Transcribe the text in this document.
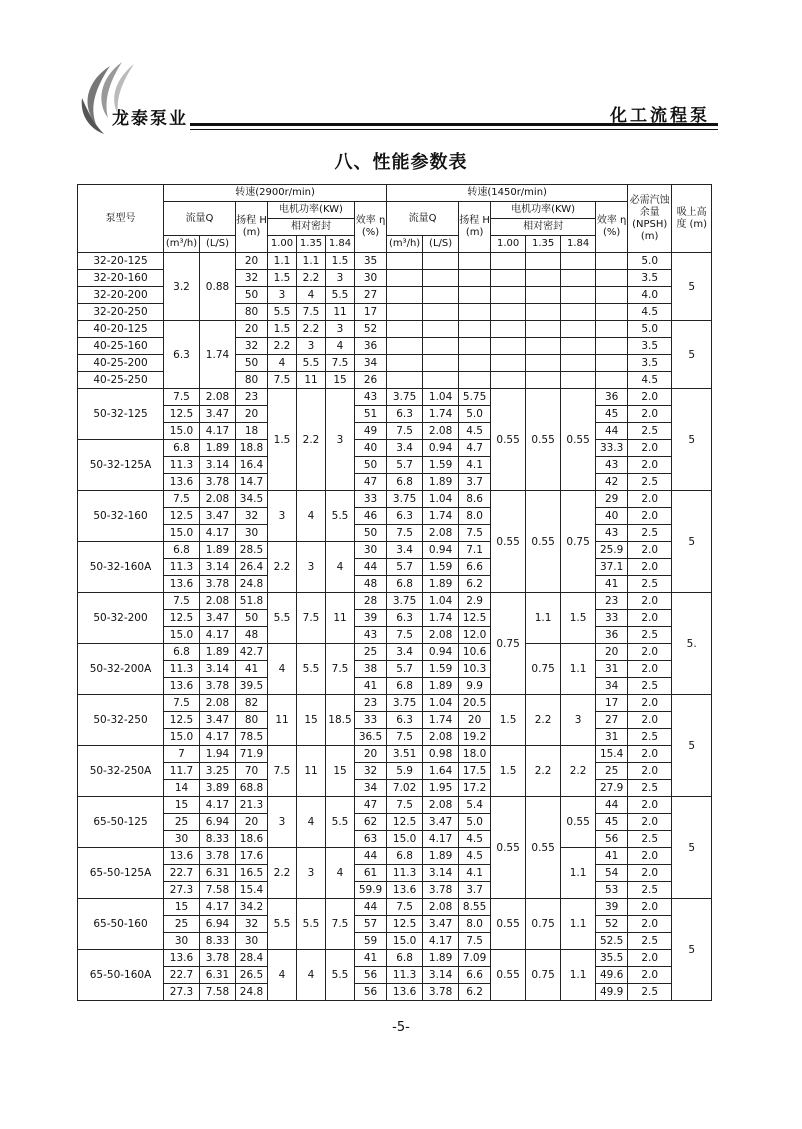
龙泰泵业	化工流程泵
八、性能参数表
泵型号	转速(2900r/min)							转速(1450r/min)							必需汽蚀余量 (NPSH) (m)	吸上高度 (m)
	流量Q		扬程 H (m)	电机功率(KW)			效率 η (%)	流量Q		扬程 H (m)	电机功率(KW)			效率 η (%)		
				相对密封							相对密封					
	(m³/h)	(L/S)		1.00	1.35	1.84		(m³/h)	(L/S)		1.00	1.35	1.84			
32-20-125	3.2	0.88	20	1.1	1.1	1.5	35								5.0	5
32-20-160			32	1.5	2.2	3	30								3.5	
32-20-200			50	3	4	5.5	27								4.0	
32-20-250			80	5.5	7.5	11	17								4.5	
40-20-125	6.3	1.74	20	1.5	2.2	3	52								5.0	5
40-25-160			32	2.2	3	4	36								3.5	
40-25-200			50	4	5.5	7.5	34								3.5	
40-25-250			80	7.5	11	15	26								4.5	
50-32-125	7.5	2.08	23	1.5	2.2	3	43	3.75	1.04	5.75	0.55	0.55	0.55	36	2.0	5
	12.5	3.47	20				51	6.3	1.74	5.0				45	2.0	
	15.0	4.17	18				49	7.5	2.08	4.5				44	2.5	
50-32-125A	6.8	1.89	18.8				40	3.4	0.94	4.7				33.3	2.0	
	11.3	3.14	16.4				50	5.7	1.59	4.1				43	2.0	
	13.6	3.78	14.7				47	6.8	1.89	3.7				42	2.5	
50-32-160	7.5	2.08	34.5	3	4	5.5	33	3.75	1.04	8.6	0.55	0.55	0.75	29	2.0	5
	12.5	3.47	32				46	6.3	1.74	8.0				40	2.0	
	15.0	4.17	30				50	7.5	2.08	7.5				43	2.5	
50-32-160A	6.8	1.89	28.5	2.2	3	4	30	3.4	0.94	7.1				25.9	2.0	
	11.3	3.14	26.4				44	5.7	1.59	6.6				37.1	2.0	
	13.6	3.78	24.8				48	6.8	1.89	6.2				41	2.5	
50-32-200	7.5	2.08	51.8	5.5	7.5	11	28	3.75	1.04	2.9	0.75	1.1	1.5	23	2.0	5.
	12.5	3.47	50				39	6.3	1.74	12.5				33	2.0	
	15.0	4.17	48				43	7.5	2.08	12.0				36	2.5	
50-32-200A	6.8	1.89	42.7	4	5.5	7.5	25	3.4	0.94	10.6		0.75	1.1	20	2.0	
	11.3	3.14	41				38	5.7	1.59	10.3				31	2.0	
	13.6	3.78	39.5				41	6.8	1.89	9.9				34	2.5	
50-32-250	7.5	2.08	82	11	15	18.5	23	3.75	1.04	20.5	1.5	2.2	3	17	2.0	5
	12.5	3.47	80				33	6.3	1.74	20				27	2.0	
	15.0	4.17	78.5				36.5	7.5	2.08	19.2				31	2.5	
50-32-250A	7	1.94	71.9	7.5	11	15	20	3.51	0.98	18.0	1.5	2.2	2.2	15.4	2.0	
	11.7	3.25	70				32	5.9	1.64	17.5				25	2.0	
	14	3.89	68.8				34	7.02	1.95	17.2				27.9	2.5	
65-50-125	15	4.17	21.3	3	4	5.5	47	7.5	2.08	5.4	0.55	0.55	0.55	44	2.0	5
	25	6.94	20				62	12.5	3.47	5.0				45	2.0	
	30	8.33	18.6				63	15.0	4.17	4.5				56	2.5	
65-50-125A	13.6	3.78	17.6	2.2	3	4	44	6.8	1.89	4.5			1.1	41	2.0	
	22.7	6.31	16.5				61	11.3	3.14	4.1				54	2.0	
	27.3	7.58	15.4				59.9	13.6	3.78	3.7				53	2.5	
65-50-160	15	4.17	34.2	5.5	5.5	7.5	44	7.5	2.08	8.55	0.55	0.75	1.1	39	2.0	5
	25	6.94	32				57	12.5	3.47	8.0				52	2.0	
	30	8.33	30				59	15.0	4.17	7.5				52.5	2.5	
65-50-160A	13.6	3.78	28.4	4	4	5.5	41	6.8	1.89	7.09	0.55	0.75	1.1	35.5	2.0	
	22.7	6.31	26.5				56	11.3	3.14	6.6				49.6	2.0	
	27.3	7.58	24.8				56	13.6	3.78	6.2				49.9	2.5	
-5-
